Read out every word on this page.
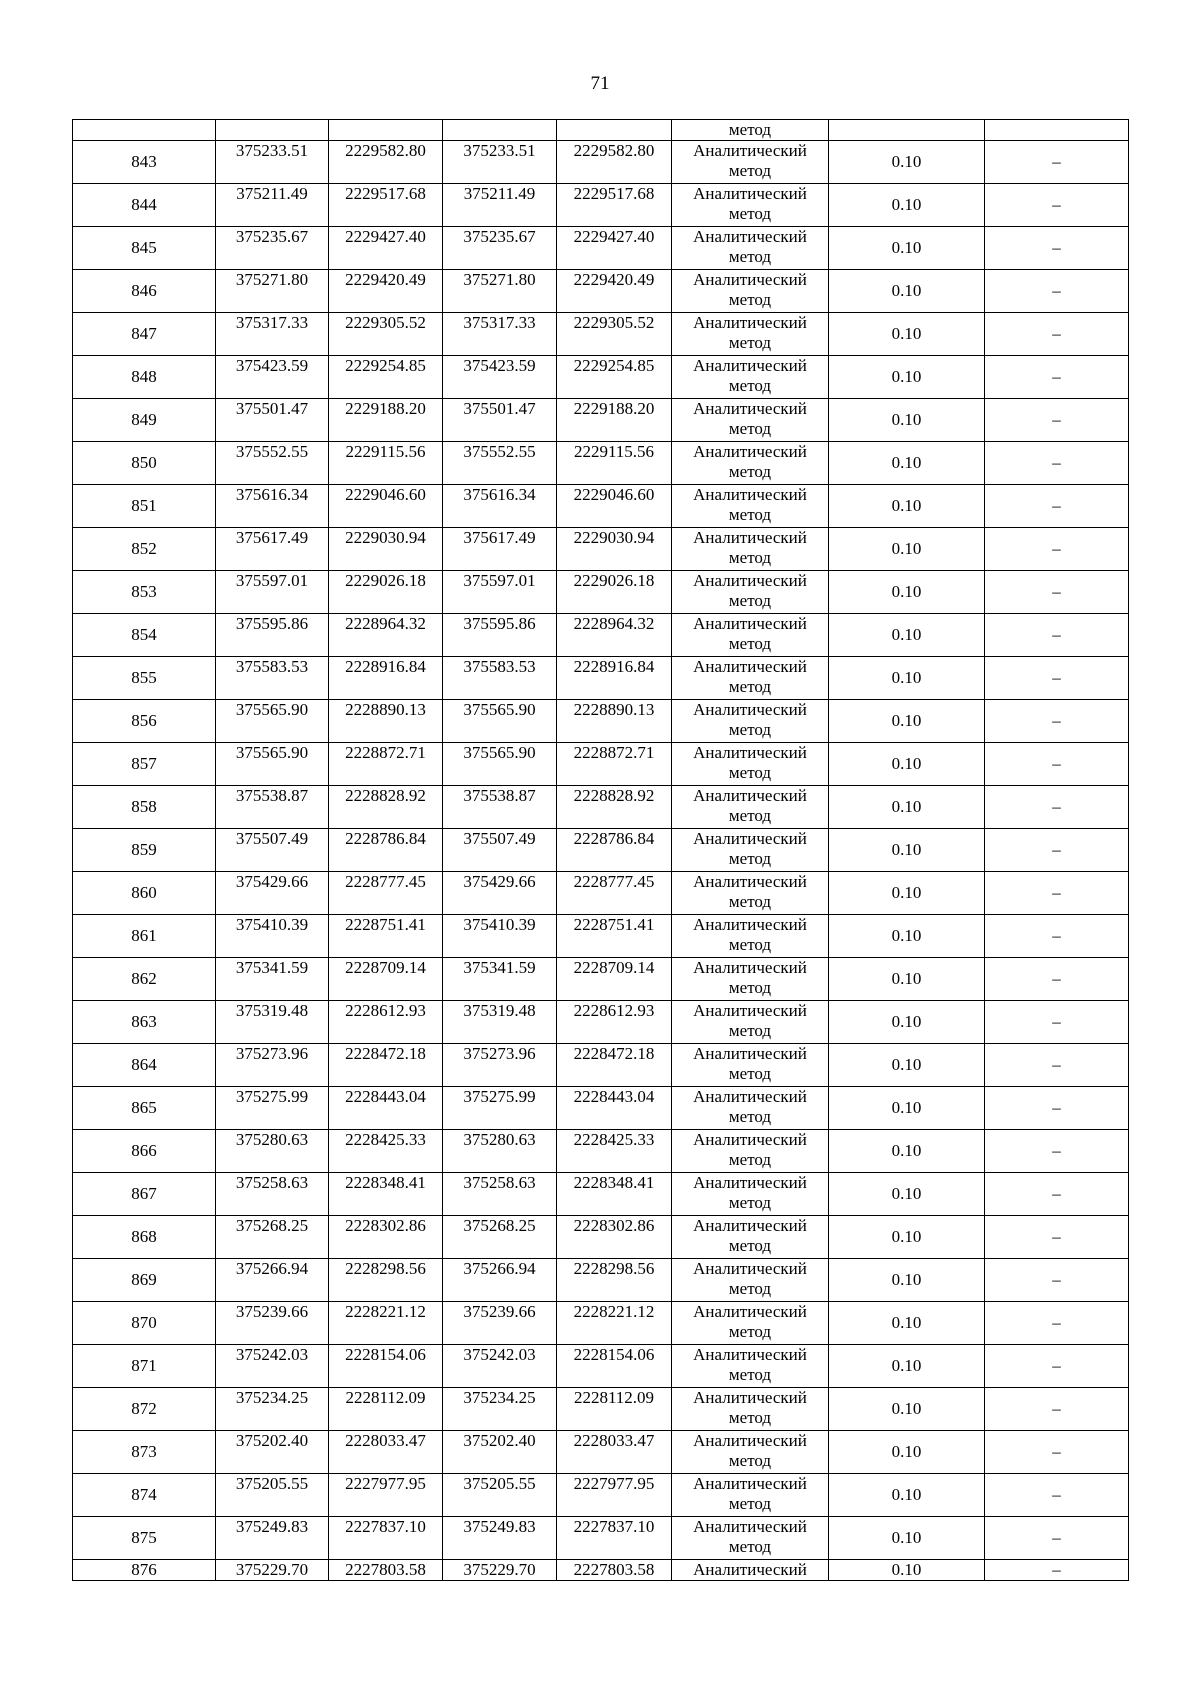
71
					метод		
843	375233.51	2229582.80	375233.51	2229582.80	Аналитический
метод	0.10	–
844	375211.49	2229517.68	375211.49	2229517.68	Аналитический
метод	0.10	–
845	375235.67	2229427.40	375235.67	2229427.40	Аналитический
метод	0.10	–
846	375271.80	2229420.49	375271.80	2229420.49	Аналитический
метод	0.10	–
847	375317.33	2229305.52	375317.33	2229305.52	Аналитический
метод	0.10	–
848	375423.59	2229254.85	375423.59	2229254.85	Аналитический
метод	0.10	–
849	375501.47	2229188.20	375501.47	2229188.20	Аналитический
метод	0.10	–
850	375552.55	2229115.56	375552.55	2229115.56	Аналитический
метод	0.10	–
851	375616.34	2229046.60	375616.34	2229046.60	Аналитический
метод	0.10	–
852	375617.49	2229030.94	375617.49	2229030.94	Аналитический
метод	0.10	–
853	375597.01	2229026.18	375597.01	2229026.18	Аналитический
метод	0.10	–
854	375595.86	2228964.32	375595.86	2228964.32	Аналитический
метод	0.10	–
855	375583.53	2228916.84	375583.53	2228916.84	Аналитический
метод	0.10	–
856	375565.90	2228890.13	375565.90	2228890.13	Аналитический
метод	0.10	–
857	375565.90	2228872.71	375565.90	2228872.71	Аналитический
метод	0.10	–
858	375538.87	2228828.92	375538.87	2228828.92	Аналитический
метод	0.10	–
859	375507.49	2228786.84	375507.49	2228786.84	Аналитический
метод	0.10	–
860	375429.66	2228777.45	375429.66	2228777.45	Аналитический
метод	0.10	–
861	375410.39	2228751.41	375410.39	2228751.41	Аналитический
метод	0.10	–
862	375341.59	2228709.14	375341.59	2228709.14	Аналитический
метод	0.10	–
863	375319.48	2228612.93	375319.48	2228612.93	Аналитический
метод	0.10	–
864	375273.96	2228472.18	375273.96	2228472.18	Аналитический
метод	0.10	–
865	375275.99	2228443.04	375275.99	2228443.04	Аналитический
метод	0.10	–
866	375280.63	2228425.33	375280.63	2228425.33	Аналитический
метод	0.10	–
867	375258.63	2228348.41	375258.63	2228348.41	Аналитический
метод	0.10	–
868	375268.25	2228302.86	375268.25	2228302.86	Аналитический
метод	0.10	–
869	375266.94	2228298.56	375266.94	2228298.56	Аналитический
метод	0.10	–
870	375239.66	2228221.12	375239.66	2228221.12	Аналитический
метод	0.10	–
871	375242.03	2228154.06	375242.03	2228154.06	Аналитический
метод	0.10	–
872	375234.25	2228112.09	375234.25	2228112.09	Аналитический
метод	0.10	–
873	375202.40	2228033.47	375202.40	2228033.47	Аналитический
метод	0.10	–
874	375205.55	2227977.95	375205.55	2227977.95	Аналитический
метод	0.10	–
875	375249.83	2227837.10	375249.83	2227837.10	Аналитический
метод	0.10	–
876	375229.70	2227803.58	375229.70	2227803.58	Аналитический	0.10	–
